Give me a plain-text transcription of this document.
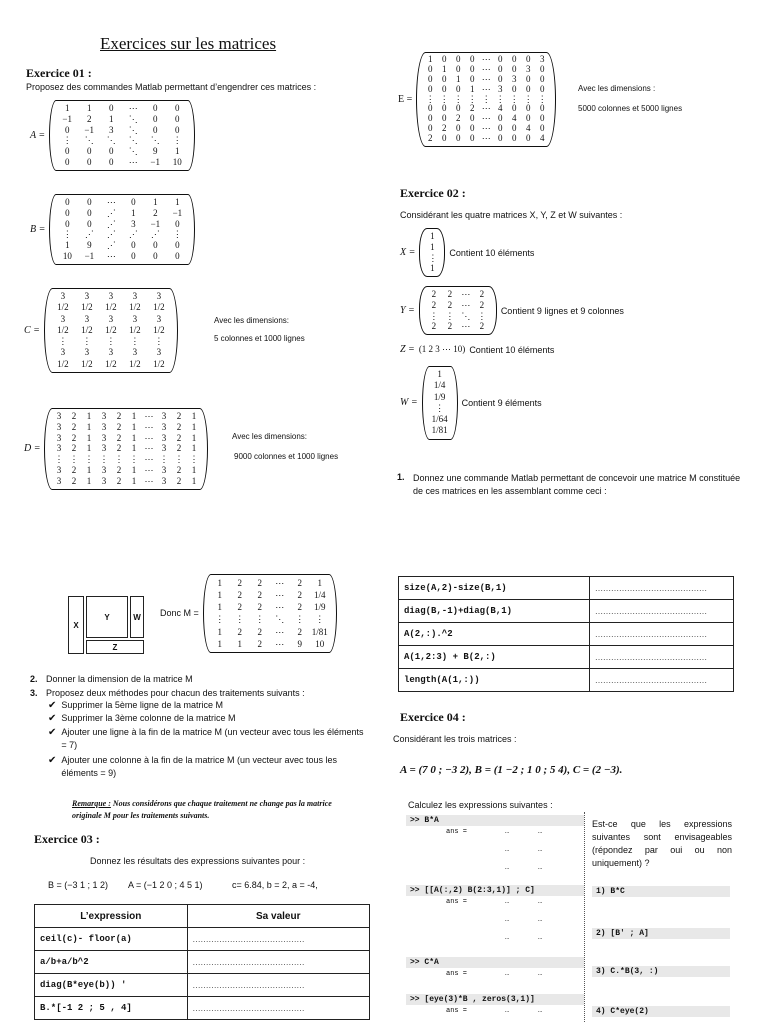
Exercices sur les matrices
Exercice 01 :
Proposez des commandes Matlab permettant d’engendrer ces matrices :
A =
1	1	0	⋯	0	0
−1	2	1	⋱	0	0
0	−1	3	⋱	0	0
⋮	⋱	⋱	⋱	⋱	⋮
0	0	0	⋱	9	1
0	0	0	⋯	−1	10
B =
0	0	⋯	0	1	1
0	0	⋰	1	2	−1
0	0	⋰	3	−1	0
⋮	⋰	⋰	⋰	⋰	⋮
1	9	⋰	0	0	0
10	−1	⋯	0	0	0
C =
3	3	3	3	3
1/2	1/2	1/2	1/2	1/2
3	3	3	3	3
1/2	1/2	1/2	1/2	1/2
⋮	⋮	⋮	⋮	⋮
3	3	3	3	3
1/2	1/2	1/2	1/2	1/2
Avec les dimensions:
5 colonnes et 1000 lignes
D =
3	2	1	3	2	1 ⋯ 3	2	1
3	2	1	3	2	1 ⋯ 3	2	1
3	2	1	3	2	1 ⋯ 3	2	1
3	2	1	3	2	1 ⋯ 3	2	1
⋮ ⋮ ⋮ ⋮ ⋮ ⋮ ⋯ ⋮ ⋮ ⋮
3	2	1	3	2	1 ⋯ 3	2	1
3	2	1	3	2	1 ⋯ 3	2	1
Avec les dimensions:
9000 colonnes et 1000 lignes
E =
1	0	0	0 ⋯ 0	0	0	3
0	1	0	0 ⋯ 0	0	3	0
0	0	1	0 ⋯ 0	3	0	0
0	0	0	1 ⋯ 3	0	0	0
⋮ ⋮ ⋮ ⋮ ⋮ ⋮ ⋮ ⋮ ⋮
0	0	0	2 ⋯ 4	0	0	0
0	0	2	0 ⋯ 0	4	0	0
0	2	0	0 ⋯ 0	0	4	0
2	0	0	0 ⋯ 0	0	0	4
Avec les dimensions :
5000 colonnes et 5000 lignes
Exercice 02 :
Considérant les quatre matrices X, Y, Z et W suivantes :
X =
1
1
⋮
1
Contient 10 éléments
Y =
2	2	⋯	2
2	2	⋯	2
⋮ ⋮ ⋱ ⋮
2	2	⋯	2
Contient 9 lignes et 9 colonnes
Z = (1 2 3 ⋯ 10) Contient 10 éléments
W =
1
1/4
1/9
⋮
1/64
1/81
Contient 9 éléments
1. Donnez une commande Matlab permettant de concevoir une matrice M constituée de ces matrices en les assemblant comme ceci :
X
Y	W
Z
Donc M =
1	2	2	⋯	2	1
1	2	2	⋯	2	1/4
1	2	2	⋯	2	1/9
⋮	⋮	⋮	⋱	⋮	⋮
1	2	2	⋯	2	1/81
1	1	2	⋯	9	10
2. Donner la dimension de la matrice M
3. Proposez deux méthodes pour chacun des traitements suivants :
✔ Supprimer la 5ème ligne de la matrice M
✔ Supprimer la 3ème colonne de la matrice M
✔ Ajouter une ligne à la fin de la matrice M (un vecteur avec tous les éléments = 7)
✔ Ajouter une colonne à la fin de la matrice M (un vecteur avec tous les éléments = 9)
Remarque : Nous considérons que chaque traitement ne change pas la matrice originale M pour les traitements suivants.
Exercice 03 :
Donnez les résultats des expressions suivantes pour :
B = (−3 1 ; 1 2) A = (−1 2 0 ; 4 5 1)	c= 6.84, b = 2, a = -4,
L’expression	Sa valeur
ceil(c)- floor(a)	……………………………………
a/b+a/b^2	……………………………………
diag(B*eye(b)) '	……………………………………
B.*[-1 2 ; 5 , 4]	……………………………………
size(A,2)-size(B,1)	……………………………………
diag(B,-1)+diag(B,1)	……………………………………
A(2,:).^2	……………………………………
A(1,2:3) + B(2,:)	……………………………………
length(A(1,:))	……………………………………
Exercice 04 :
Considérant les trois matrices :
A = (7 0 ; −3 2), B = (1 −2 ; 1 0 ; 5 4), C = (2 −3).
Calculez les expressions suivantes :
>> B*A
ans =	…	…
…	…
…	…
>> [[A(:,2) B(2:3,1)] ; C]
ans =	…	…
…	…
…	…
>> C*A
ans =	…	…
>> [eye(3)*B , zeros(3,1)]
ans =	…	…
Est-ce que les expressions suivantes sont envisageables (répondez par oui ou non uniquement) ?
1) B*C
2) [B' ; A]
3) C.*B(3, :)
4) C*eye(2)
